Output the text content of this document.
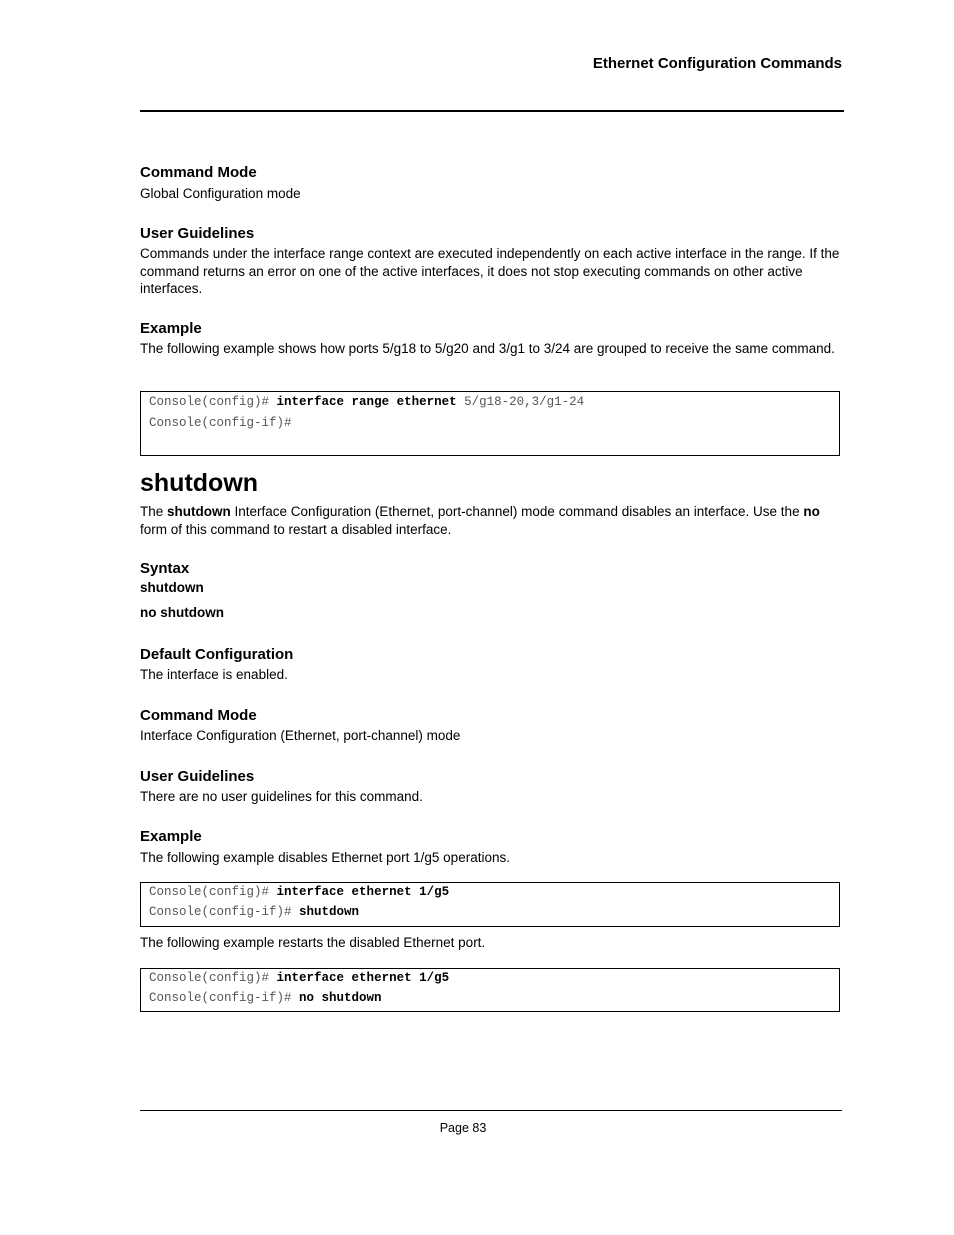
Ethernet Configuration Commands
Command Mode
Global Configuration mode
User Guidelines
Commands under the interface range context are executed independently on each active interface in the range. If the command returns an error on one of the active interfaces, it does not stop executing commands on other active interfaces.
Example
The following example shows how ports 5/g18 to 5/g20 and 3/g1 to 3/24 are grouped to receive the same command.
Console(config)# interface range ethernet 5/g18-20,3/g1-24
Console(config-if)#
shutdown
The shutdown Interface Configuration (Ethernet, port-channel) mode command disables an interface. Use the no form of this command to restart a disabled interface.
Syntax
shutdown
no shutdown
Default Configuration
The interface is enabled.
Command Mode
Interface Configuration (Ethernet, port-channel) mode
User Guidelines
There are no user guidelines for this command.
Example
The following example disables Ethernet port 1/g5 operations.
Console(config)# interface ethernet 1/g5
Console(config-if)# shutdown
The following example restarts the disabled Ethernet port.
Console(config)# interface ethernet 1/g5
Console(config-if)# no shutdown
Page 83
